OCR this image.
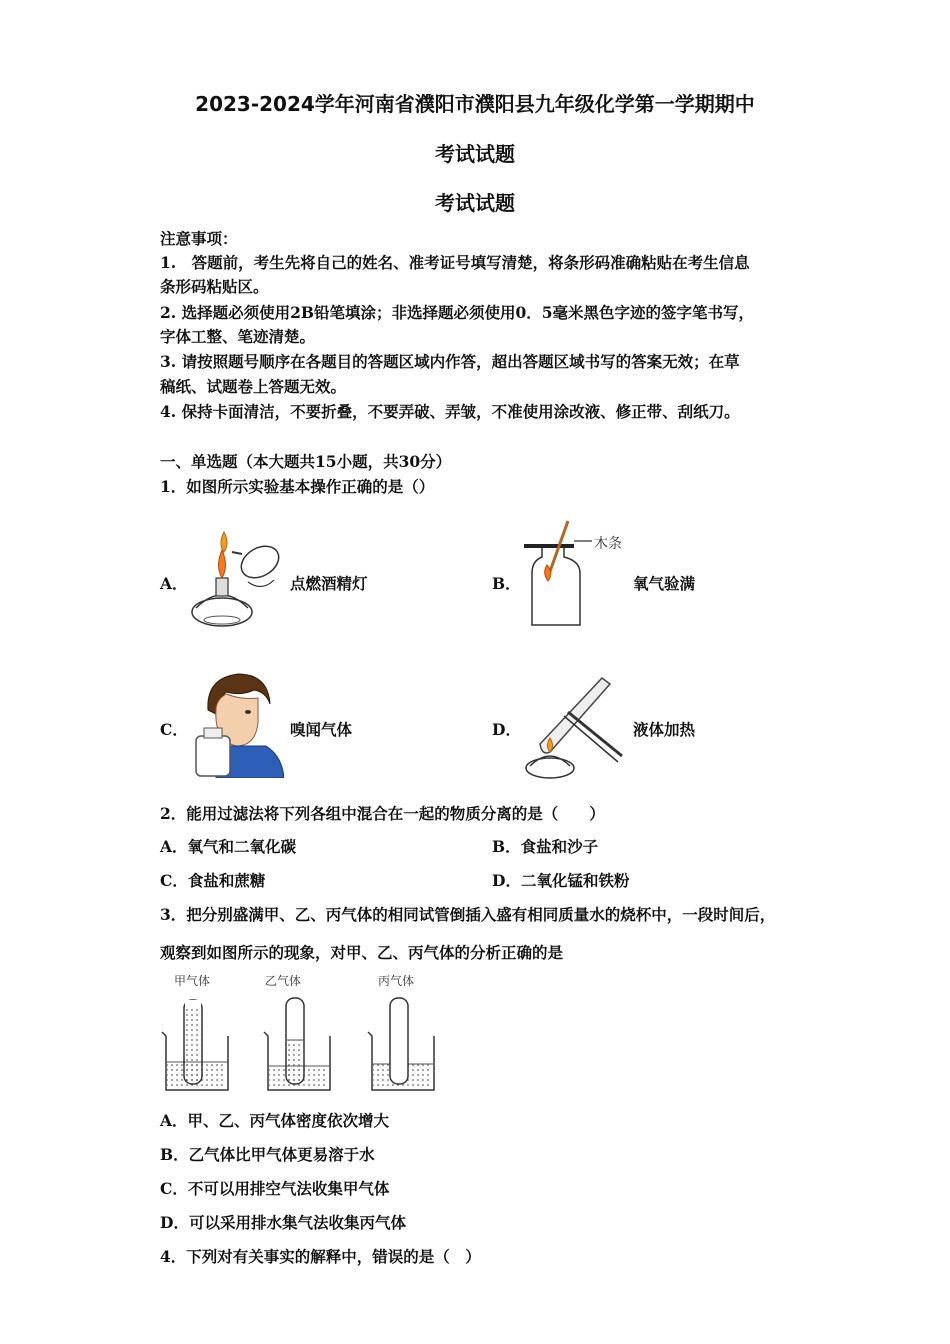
2023-2024学年河南省濮阳市濮阳县九年级化学第一学期期中
考试试题
考试试题
注意事项：
1.　答题前，考生先将自己的姓名、准考证号填写清楚，将条形码准确粘贴在考生信息
条形码粘贴区。
2. 选择题必须使用2B铅笔填涂；非选择题必须使用0．5毫米黑色字迹的签字笔书写，
字体工整、笔迹清楚。
3. 请按照题号顺序在各题目的答题区域内作答，超出答题区域书写的答案无效；在草
稿纸、试题卷上答题无效。
4. 保持卡面清洁，不要折叠，不要弄破、弄皱，不准使用涂改液、修正带、刮纸刀。
一、单选题（本大题共15小题，共30分）
1．如图所示实验基本操作正确的是（）
A．	点燃酒精灯	B．
木条
氧气验满
C．	嗅闻气体	D．	液体加热
2．能用过滤法将下列各组中混合在一起的物质分离的是（　　）
A．氧气和二氧化碳	B．食盐和沙子
C．食盐和蔗糖	D．二氧化锰和铁粉
3．把分别盛满甲、乙、丙气体的相同试管倒插入盛有相同质量水的烧杯中，一段时间后，
观察到如图所示的现象，对甲、乙、丙气体的分析正确的是
甲气体	乙气体	丙气体
A．甲、乙、丙气体密度依次增大
B．乙气体比甲气体更易溶于水
C．不可以用排空气法收集甲气体
D．可以采用排水集气法收集丙气体
4．下列对有关事实的解释中，错误的是（　）
